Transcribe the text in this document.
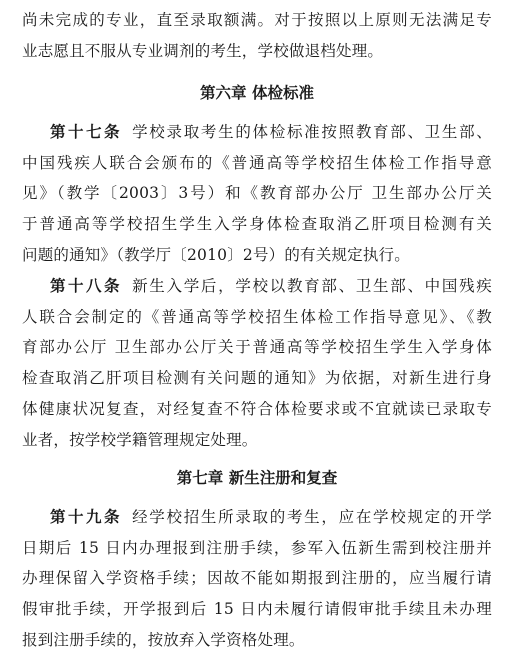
尚未完成的专业，直至录取额满。对于按照以上原则无法满足专
业志愿且不服从专业调剂的考生，学校做退档处理。
第六章 体检标准
第十七条 学校录取考生的体检标准按照教育部、卫生部、
中国残疾人联合会颁布的《普通高等学校招生体检工作指导意
见》（教学〔2003〕3号）和《教育部办公厅 卫生部办公厅关
于普通高等学校招生学生入学身体检查取消乙肝项目检测有关
问题的通知》（教学厅〔2010〕2号）的有关规定执行。
第十八条 新生入学后，学校以教育部、卫生部、中国残疾
人联合会制定的《普通高等学校招生体检工作指导意见》、《教
育部办公厅 卫生部办公厅关于普通高等学校招生学生入学身体
检查取消乙肝项目检测有关问题的通知》为依据，对新生进行身
体健康状况复查，对经复查不符合体检要求或不宜就读已录取专
业者，按学校学籍管理规定处理。
第七章 新生注册和复查
第十九条 经学校招生所录取的考生，应在学校规定的开学
日期后 15 日内办理报到注册手续，参军入伍新生需到校注册并
办理保留入学资格手续；因故不能如期报到注册的，应当履行请
假审批手续，开学报到后 15 日内未履行请假审批手续且未办理
报到注册手续的，按放弃入学资格处理。
